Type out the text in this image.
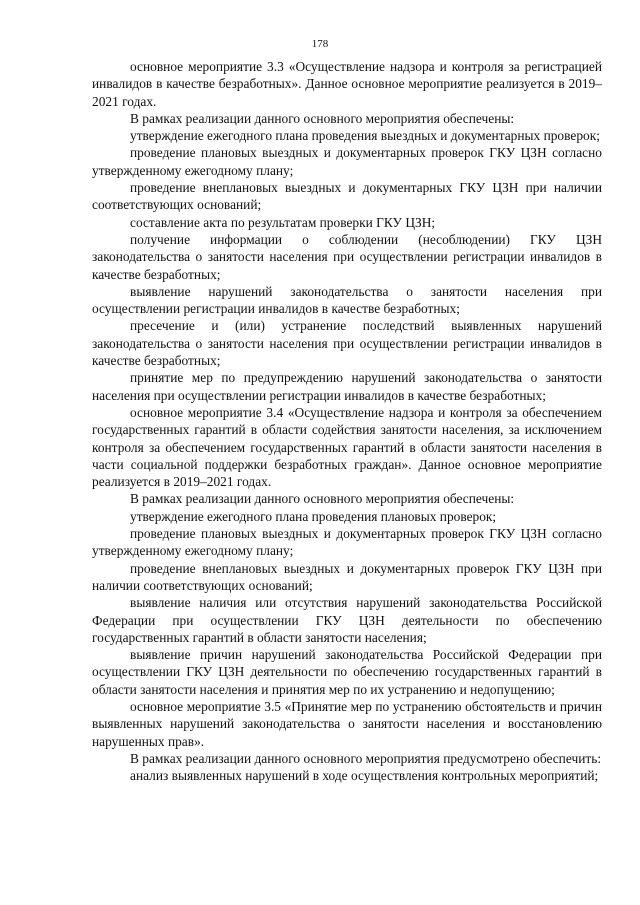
178

основное мероприятие 3.3 «Осуществление надзора и контроля за регистрацией инвалидов в качестве безработных». Данное основное мероприятие реализуется в 2019–2021 годах.

В рамках реализации данного основного мероприятия обеспечены:

утверждение ежегодного плана проведения выездных и документарных проверок;

проведение плановых выездных и документарных проверок ГКУ ЦЗН согласно утвержденному ежегодному плану;

проведение внеплановых выездных и документарных ГКУ ЦЗН при наличии соответствующих оснований;

составление акта по результатам проверки ГКУ ЦЗН;

получение информации о соблюдении (несоблюдении) ГКУ ЦЗН законодательства о занятости населения при осуществлении регистрации инвалидов в качестве безработных;

выявление нарушений законодательства о занятости населения при осуществлении регистрации инвалидов в качестве безработных;

пресечение и (или) устранение последствий выявленных нарушений законодательства о занятости населения при осуществлении регистрации инвалидов в качестве безработных;

принятие мер по предупреждению нарушений законодательства о занятости населения при осуществлении регистрации инвалидов в качестве безработных;

основное мероприятие 3.4 «Осуществление надзора и контроля за обеспечением государственных гарантий в области содействия занятости населения, за исключением контроля за обеспечением государственных гарантий в области занятости населения в части социальной поддержки безработных граждан». Данное основное мероприятие реализуется в 2019–2021 годах.

В рамках реализации данного основного мероприятия обеспечены:

утверждение ежегодного плана проведения плановых проверок;

проведение плановых выездных и документарных проверок ГКУ ЦЗН согласно утвержденному ежегодному плану;

проведение внеплановых выездных и документарных проверок ГКУ ЦЗН при наличии соответствующих оснований;

выявление наличия или отсутствия нарушений законодательства Российской Федерации при осуществлении ГКУ ЦЗН деятельности по обеспечению государственных гарантий в области занятости населения;

выявление причин нарушений законодательства Российской Федерации при осуществлении ГКУ ЦЗН деятельности по обеспечению государственных гарантий в области занятости населения и принятия мер по их устранению и недопущению;

основное мероприятие 3.5 «Принятие мер по устранению обстоятельств и причин выявленных нарушений законодательства о занятости населения и восстановлению нарушенных прав».

В рамках реализации данного основного мероприятия предусмотрено обеспечить:

анализ выявленных нарушений в ходе осуществления контрольных мероприятий;
